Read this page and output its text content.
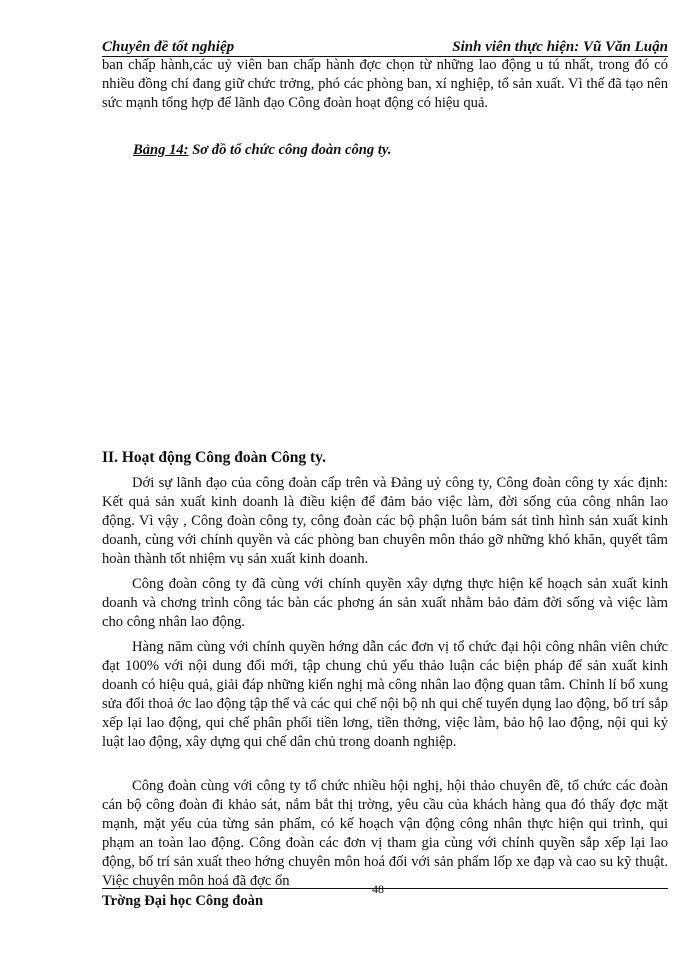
Chuyên đề tốt nghiệp	Sinh viên thực hiện: Vũ Văn Luận

ban chấp hành,các uỷ viên ban chấp hành đợc chọn từ những lao động u tú nhất, trong đó có nhiều đồng chí đang giữ chức trởng, phó các phòng ban, xí nghiệp, tổ sản xuất. Vì thế đã tạo nên sức mạnh tổng hợp để lãnh đạo Công đoàn hoạt động có hiệu quả.

Bảng 14: Sơ đồ tổ chức công đoàn công ty.
II. Hoạt động Công đoàn Công ty.

Dới sự lãnh đạo của công đoàn cấp trên và Đảng uỷ công ty, Công đoàn công ty xác định: Kết quả sản xuất kinh doanh là điều kiện để đảm bảo việc làm, đời sống của công nhân lao động. Vì vậy , Công đoàn công ty, công đoàn các bộ phận luôn bám sát tình hình sản xuất kinh doanh, cùng với chính quyền và các phòng ban chuyên môn tháo gỡ những khó khăn, quyết tâm hoàn thành tốt nhiệm vụ sản xuất kinh doanh.

Công đoàn công ty đã cùng với chính quyền xây dựng thực hiện kế hoạch sản xuất kinh doanh và chơng trình công tác bàn các phơng án sản xuất nhằm bảo đảm đời sống và việc làm cho công nhân lao động.

Hàng năm cùng với chính quyền hớng dẫn các đơn vị tổ chức đại hội công nhân viên chức đạt 100% với nội dung đổi mới, tập chung chủ yếu thảo luận các biện pháp để sản xuất kinh doanh có hiệu quả, giải đáp những kiến nghị mà công nhân lao động quan tâm. Chỉnh lí bổ xung sửa đổi thoả ớc lao động tập thể và các qui chế nội bộ nh qui chế tuyển dụng lao động, bố trí sắp xếp lại lao động, qui chế phân phối tiền lơng, tiền thởng, việc làm, bảo hộ lao động, nội qui kỷ luật lao động, xây dựng qui chế dân chủ trong doanh nghiệp.

Công đoàn cùng với công ty tổ chức nhiều hội nghị, hội thảo chuyên đề, tổ chức các đoàn cán bộ công đoàn đi khảo sát, nắm bắt thị trờng, yêu cầu của khách hàng qua đó thấy đợc mặt mạnh, mặt yếu của từng sản phẩm, có kế hoạch vận động công nhân thực hiện qui trình, qui phạm an toàn lao động. Công đoàn các đơn vị tham gia cùng với chính quyền sắp xếp lại lao động, bố trí sản xuất theo hớng chuyên môn hoá đối với sản phẩm lốp xe đạp và cao su kỹ thuật. Việc chuyên môn hoá đã đợc ổn

Trờng Đại học Công đoàn
48
